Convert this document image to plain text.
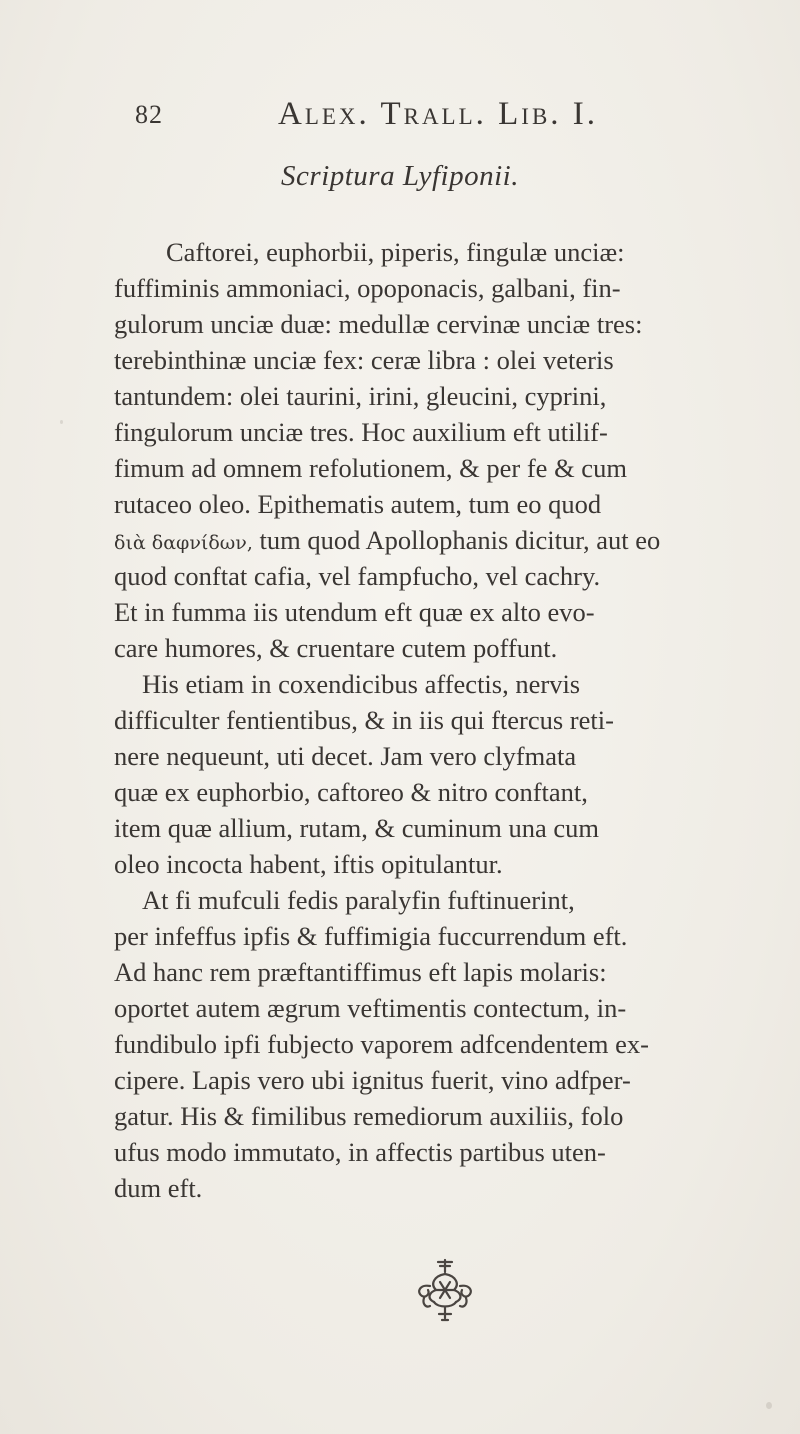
82	Alex. Trall. Lib. I.
Scriptura Lyfiponii.
Caftorei, euphorbii, piperis, fingulæ unciæ:
fuffiminis ammoniaci, opoponacis, galbani, fin-
gulorum unciæ duæ: medullæ cervinæ unciæ tres:
terebinthinæ unciæ fex: ceræ libra : olei veteris
tantundem: olei taurini, irini, gleucini, cyprini,
fingulorum unciæ tres. Hoc auxilium eft utilif-
fimum ad omnem refolutionem, & per fe & cum
rutaceo oleo. Epithematis autem, tum eo quod
διὰ δαφνίδων, tum quod Apollophanis dicitur, aut eo
quod conftat cafia, vel fampfucho, vel cachry.
Et in fumma iis utendum eft quæ ex alto evo-
care humores, & cruentare cutem poffunt.
His etiam in coxendicibus affectis, nervis
difficulter fentientibus, & in iis qui ftercus reti-
nere nequeunt, uti decet. Jam vero clyfmata
quæ ex euphorbio, caftoreo & nitro conftant,
item quæ allium, rutam, & cuminum una cum
oleo incocta habent, iftis opitulantur.
At fi mufculi fedis paralyfin fuftinuerint,
per infeffus ipfis & fuffimigia fuccurrendum eft.
Ad hanc rem præftantiffimus eft lapis molaris:
oportet autem ægrum veftimentis contectum, in-
fundibulo ipfi fubjecto vaporem adfcendentem ex-
cipere. Lapis vero ubi ignitus fuerit, vino adfper-
gatur. His & fimilibus remediorum auxiliis, folo
ufus modo immutato, in affectis partibus uten-
dum eft.
